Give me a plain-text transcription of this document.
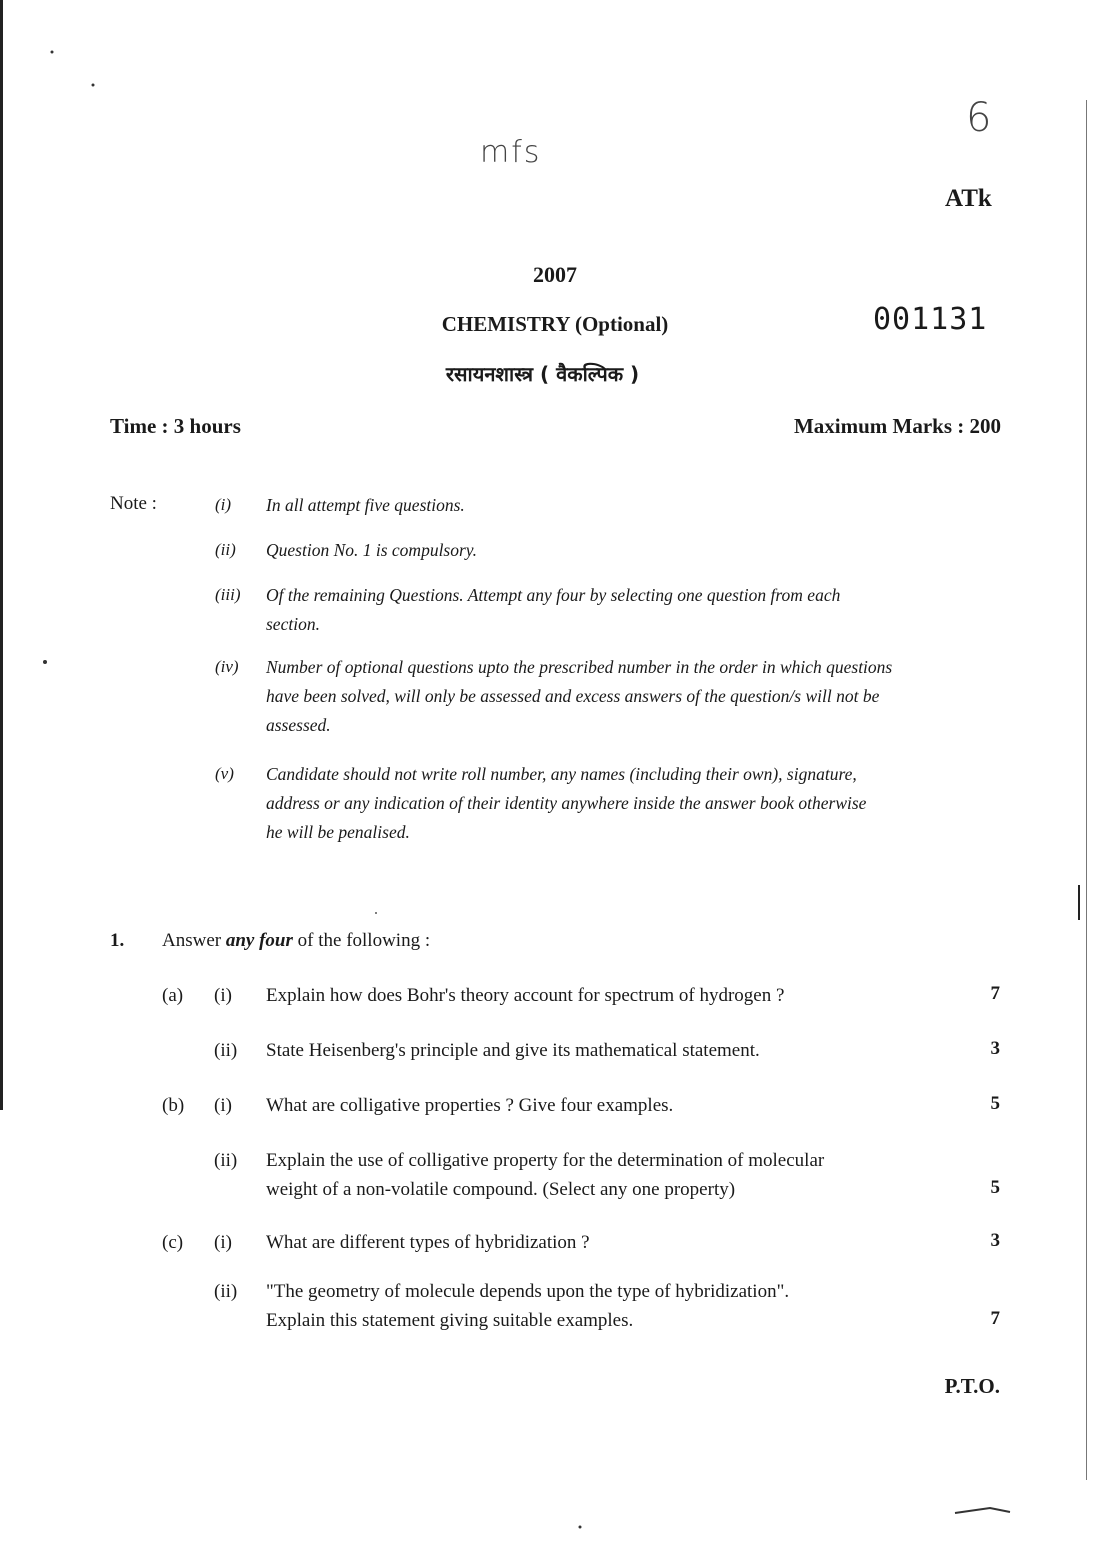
6
mfs
ATk
2007
CHEMISTRY (Optional)	001131
रसायनशास्त्र ( वैकल्पिक )
Time : 3 hours	Maximum Marks : 200
Note :	(i) In all attempt five questions.
(ii) Question No. 1 is compulsory.
(iii) Of the remaining Questions. Attempt any four by selecting one question from each
section.
(iv) Number of optional questions upto the prescribed number in the order in which questions
have been solved, will only be assessed and excess answers of the question/s will not be
assessed.
(v) Candidate should not write roll number, any names (including their own), signature,
address or any indication of their identity anywhere inside the answer book otherwise
he will be penalised.
1. Answer any four of the following :
(a) (i) Explain how does Bohr's theory account for spectrum of hydrogen ?	7
(ii) State Heisenberg's principle and give its mathematical statement.	3
(b) (i) What are colligative properties ? Give four examples.	5
(ii) Explain the use of colligative property for the determination of molecular
weight of a non-volatile compound. (Select any one property)	5
(c) (i) What are different types of hybridization ?	3
(ii) "The geometry of molecule depends upon the type of hybridization".
Explain this statement giving suitable examples.	7
P.T.O.
